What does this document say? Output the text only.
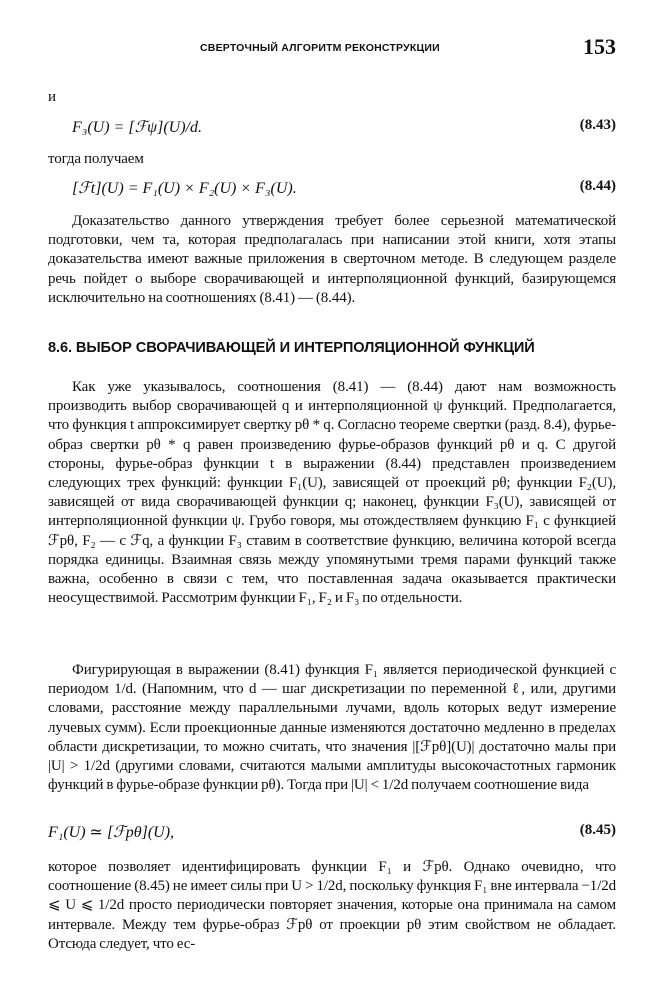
СВЕРТОЧНЫЙ АЛГОРИТМ РЕКОНСТРУКЦИИ	153
и
F₃(U) = [ℱψ](U)/d.	(8.43)
тогда получаем
[ℱt](U) = F₁(U) × F₂(U) × F₃(U).	(8.44)
Доказательство данного утверждения требует более серьезной математической подготовки, чем та, которая предполагалась при написании этой книги, хотя этапы доказательства имеют важные приложения в сверточном методе. В следующем разделе речь пойдет о выборе сворачивающей и интерполяционной функций, базирующемся исключительно на соотношениях (8.41) — (8.44).
8.6. ВЫБОР СВОРАЧИВАЮЩЕЙ И ИНТЕРПОЛЯЦИОННОЙ ФУНКЦИЙ
Как уже указывалось, соотношения (8.41) — (8.44) дают нам возможность производить выбор сворачивающей q и интерполяционной ψ функций. Предполагается, что функция t аппроксимирует свертку pθ * q. Согласно теореме свертки (разд. 8.4), фурье-образ свертки pθ * q равен произведению фурье-образов функций pθ и q. С другой стороны, фурье-образ функции t в выражении (8.44) представлен произведением следующих трех функций: функции F₁(U), зависящей от проекций pθ; функции F₂(U), зависящей от вида сворачивающей функции q; наконец, функции F₃(U), зависящей от интерполяционной функции ψ. Грубо говоря, мы отождествляем функцию F₁ с функцией ℱpθ, F₂ — с ℱq, а функции F₃ ставим в соответствие функцию, величина которой всегда порядка единицы. Взаимная связь между упомянутыми тремя парами функций также важна, особенно в связи с тем, что поставленная задача оказывается практически неосуществимой. Рассмотрим функции F₁, F₂ и F₃ по отдельности.
Фигурирующая в выражении (8.41) функция F₁ является периодической функцией с периодом 1/d. (Напомним, что d — шаг дискретизации по переменной ℓ, или, другими словами, расстояние между параллельными лучами, вдоль которых ведут измерение лучевых сумм). Если проекционные данные изменяются достаточно медленно в пределах области дискретизации, то можно считать, что значения |[ℱpθ](U)| достаточно малы при |U| > 1/2d (другими словами, считаются малыми амплитуды высокочастотных гармоник функций в фурье-образе функции pθ). Тогда при |U| < 1/2d получаем соотношение вида
F₁(U) ≃ [ℱpθ](U),	(8.45)
которое позволяет идентифицировать функции F₁ и ℱpθ. Однако очевидно, что соотношение (8.45) не имеет силы при U > 1/2d, поскольку функция F₁ вне интервала −1/2d ⩽ U ⩽ 1/2d просто периодически повторяет значения, которые она принимала на самом интервале. Между тем фурье-образ ℱpθ от проекции pθ этим свойством не обладает. Отсюда следует, что ес-
